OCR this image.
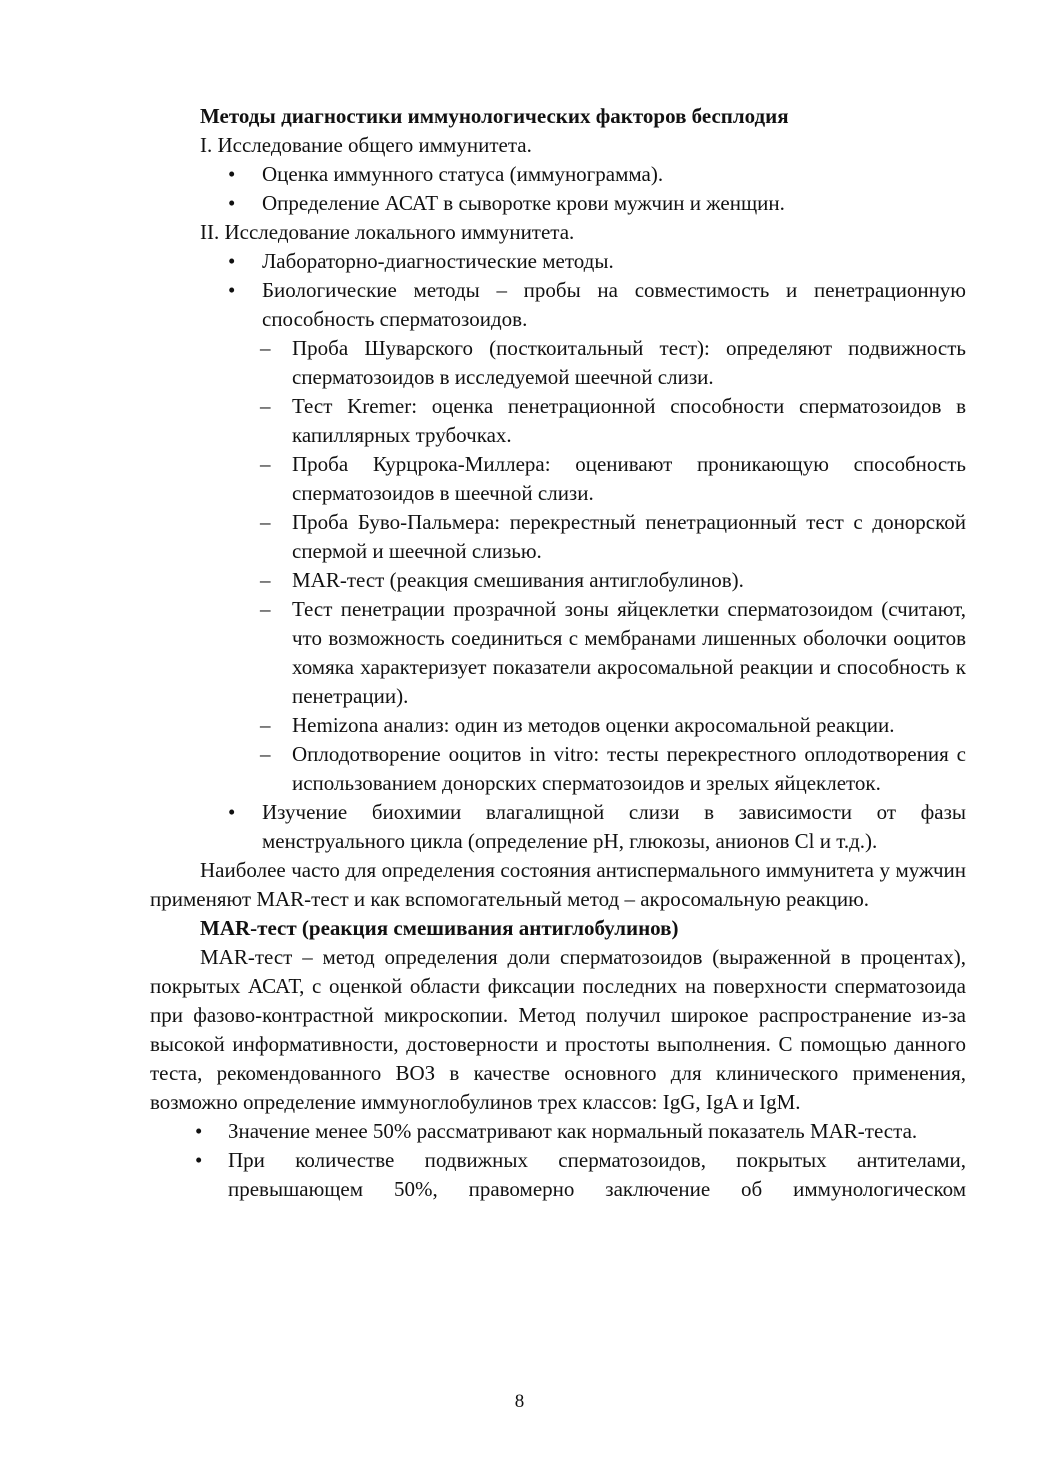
Методы диагностики иммунологических факторов бесплодия

I. Исследование общего иммунитета.

• Оценка иммунного статуса (иммунограмма).
• Определение АСАТ в сыворотке крови мужчин и женщин.

II. Исследование локального иммунитета.

• Лабораторно-диагностические методы.
• Биологические методы – пробы на совместимость и пенетрационную способность сперматозоидов.
– Проба Шуварского (посткоитальный тест): определяют подвижность сперматозоидов в исследуемой шеечной слизи.
– Тест Kremer: оценка пенетрационной способности сперматозоидов в капиллярных трубочках.
– Проба Курцрока-Миллера: оценивают проникающую способность сперматозоидов в шеечной слизи.
– Проба Буво-Пальмера: перекрестный пенетрационный тест с донорской спермой и шеечной слизью.
– MAR-тест (реакция смешивания антиглобулинов).
– Тест пенетрации прозрачной зоны яйцеклетки сперматозоидом (считают, что возможность соединиться с мембранами лишенных оболочки ооцитов хомяка характеризует показатели акросомальной реакции и способность к пенетрации).
– Hemizona анализ: один из методов оценки акросомальной реакции.
– Оплодотворение ооцитов in vitro: тесты перекрестного оплодотворения с использованием донорских сперматозоидов и зрелых яйцеклеток.
• Изучение биохимии влагалищной слизи в зависимости от фазы менструального цикла (определение pH, глюкозы, анионов Cl и т.д.).

Наиболее часто для определения состояния антиспермального иммунитета у мужчин применяют MAR-тест и как вспомогательный метод – акросомальную реакцию.

MAR-тест (реакция смешивания антиглобулинов)

MAR-тест – метод определения доли сперматозоидов (выраженной в процентах), покрытых АСАТ, с оценкой области фиксации последних на поверхности сперматозоида при фазово-контрастной микроскопии. Метод получил широкое распространение из-за высокой информативности, достоверности и простоты выполнения. С помощью данного теста, рекомендованного ВОЗ в качестве основного для клинического применения, возможно определение иммуноглобулинов трех классов: IgG, IgA и IgM.

• Значение менее 50% рассматривают как нормальный показатель MAR-теста.
• При количестве подвижных сперматозоидов, покрытых антителами, превышающем 50%, правомерно заключение об иммунологическом
8
